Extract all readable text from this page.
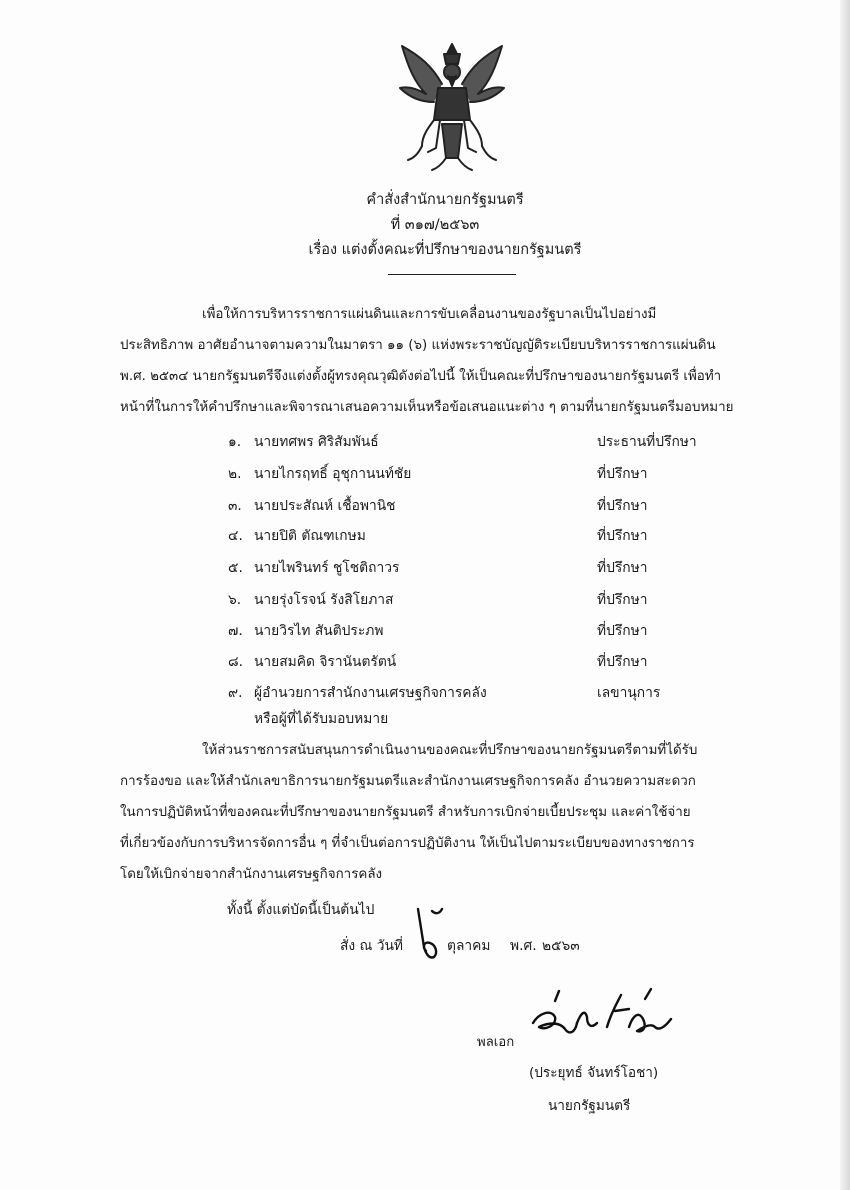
คำสั่งสำนักนายกรัฐมนตรี
ที่ ๓๑๗/๒๕๖๓
เรื่อง แต่งตั้งคณะที่ปรึกษาของนายกรัฐมนตรี
เพื่อให้การบริหารราชการแผ่นดินและการขับเคลื่อนงานของรัฐบาลเป็นไปอย่างมี
ประสิทธิภาพ อาศัยอำนาจตามความในมาตรา ๑๑ (๖) แห่งพระราชบัญญัติระเบียบบริหารราชการแผ่นดิน
พ.ศ. ๒๕๓๔ นายกรัฐมนตรีจึงแต่งตั้งผู้ทรงคุณวุฒิดังต่อไปนี้ ให้เป็นคณะที่ปรึกษาของนายกรัฐมนตรี เพื่อทำ
หน้าที่ในการให้คำปรึกษาและพิจารณาเสนอความเห็นหรือข้อเสนอแนะต่าง ๆ ตามที่นายกรัฐมนตรีมอบหมาย
๑. นายทศพร ศิริสัมพันธ์	ประธานที่ปรึกษา
๒. นายไกรฤทธิ์ อุชุกานนท์ชัย	ที่ปรึกษา
๓. นายประสัณห์ เชื้อพานิช	ที่ปรึกษา
๔. นายปิติ ตัณฑเกษม	ที่ปรึกษา
๕. นายไพรินทร์ ชูโชติถาวร	ที่ปรึกษา
๖. นายรุ่งโรจน์ รังสิโยภาส	ที่ปรึกษา
๗. นายวิรไท สันติประภพ	ที่ปรึกษา
๘. นายสมคิด จิรานันตรัตน์	ที่ปรึกษา
๙. ผู้อำนวยการสำนักงานเศรษฐกิจการคลัง	เลขานุการ
หรือผู้ที่ได้รับมอบหมาย
ให้ส่วนราชการสนับสนุนการดำเนินงานของคณะที่ปรึกษาของนายกรัฐมนตรีตามที่ได้รับ
การร้องขอ และให้สำนักเลขาธิการนายกรัฐมนตรีและสำนักงานเศรษฐกิจการคลัง อำนวยความสะดวก
ในการปฏิบัติหน้าที่ของคณะที่ปรึกษาของนายกรัฐมนตรี สำหรับการเบิกจ่ายเบี้ยประชุม และค่าใช้จ่าย
ที่เกี่ยวข้องกับการบริหารจัดการอื่น ๆ ที่จำเป็นต่อการปฏิบัติงาน ให้เป็นไปตามระเบียบของทางราชการ
โดยให้เบิกจ่ายจากสำนักงานเศรษฐกิจการคลัง
ทั้งนี้ ตั้งแต่บัดนี้เป็นต้นไป
สั่ง ณ วันที่	ตุลาคม พ.ศ. ๒๕๖๓
พลเอก
(ประยุทธ์ จันทร์โอชา)
นายกรัฐมนตรี
